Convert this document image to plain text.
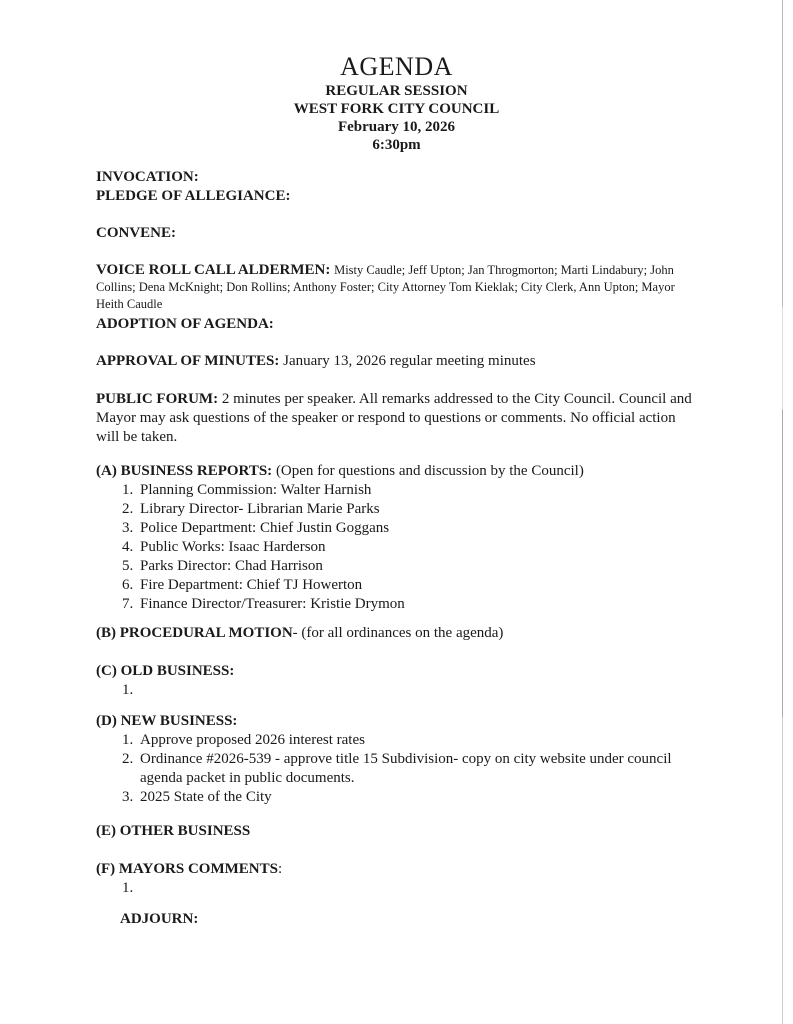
AGENDA
REGULAR SESSION
WEST FORK CITY COUNCIL
February 10, 2026
6:30pm
INVOCATION:
PLEDGE OF ALLEGIANCE:
CONVENE:
VOICE ROLL CALL ALDERMEN: Misty Caudle; Jeff Upton; Jan Throgmorton; Marti Lindabury; John Collins; Dena McKnight; Don Rollins; Anthony Foster; City Attorney Tom Kieklak; City Clerk, Ann Upton; Mayor Heith Caudle
ADOPTION OF AGENDA:
APPROVAL OF MINUTES: January 13, 2026 regular meeting minutes
PUBLIC FORUM: 2 minutes per speaker. All remarks addressed to the City Council. Council and Mayor may ask questions of the speaker or respond to questions or comments. No official action will be taken.
(A) BUSINESS REPORTS: (Open for questions and discussion by the Council)
1. Planning Commission: Walter Harnish
2. Library Director- Librarian Marie Parks
3. Police Department: Chief Justin Goggans
4. Public Works: Isaac Harderson
5. Parks Director: Chad Harrison
6. Fire Department: Chief TJ Howerton
7. Finance Director/Treasurer: Kristie Drymon
(B) PROCEDURAL MOTION- (for all ordinances on the agenda)
(C) OLD BUSINESS:
1.
(D) NEW BUSINESS:
1. Approve proposed 2026 interest rates
2. Ordinance #2026-539 - approve title 15 Subdivision- copy on city website under council agenda packet in public documents.
3. 2025 State of the City
(E) OTHER BUSINESS
(F) MAYORS COMMENTS:
1.
ADJOURN:
